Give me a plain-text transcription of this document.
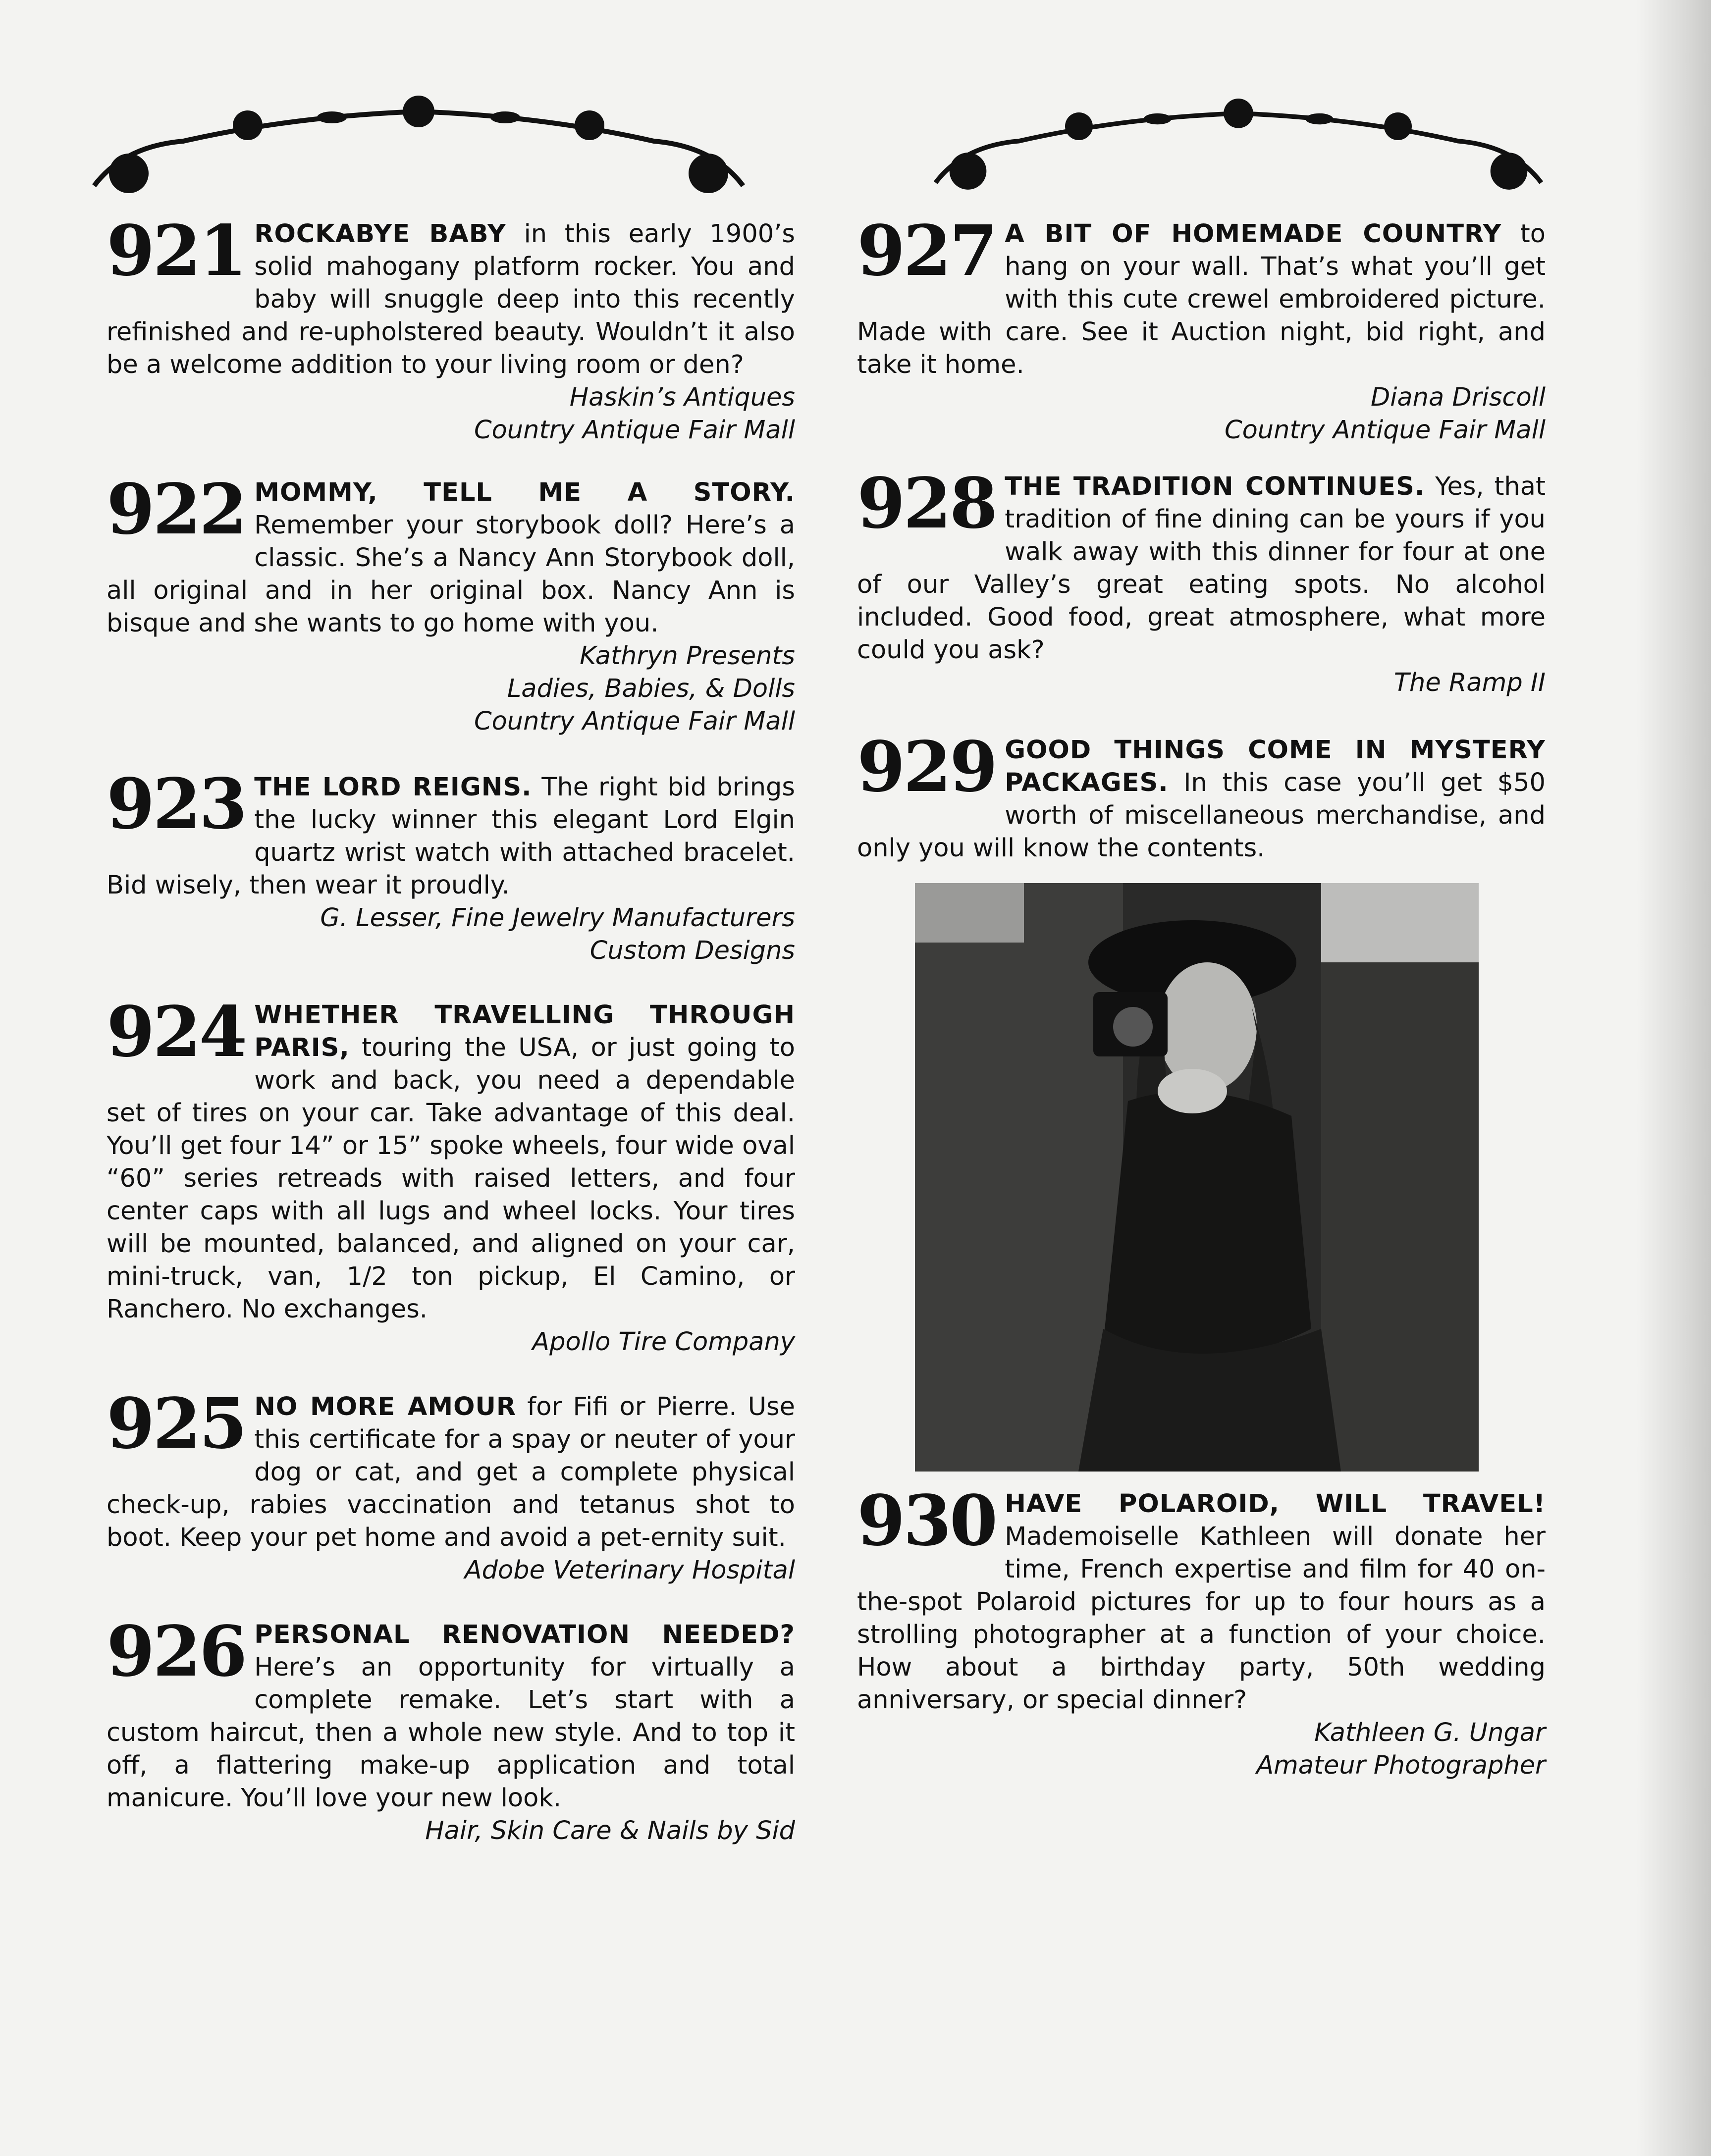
921 ROCKABYE BABY in this early 1900’s solid mahogany platform rocker. You and baby will snuggle deep into this recently refinished and re-upholstered beauty. Wouldn’t it also be a welcome addition to your living room or den?
Haskin’s Antiques
Country Antique Fair Mall
922 MOMMY, TELL ME A STORY. Remember your storybook doll? Here’s a classic. She’s a Nancy Ann Storybook doll, all original and in her original box. Nancy Ann is bisque and she wants to go home with you.
Kathryn Presents
Ladies, Babies, & Dolls
Country Antique Fair Mall
923 THE LORD REIGNS. The right bid brings the lucky winner this elegant Lord Elgin quartz wrist watch with attached bracelet. Bid wisely, then wear it proudly.
G. Lesser, Fine Jewelry Manufacturers
Custom Designs
924 WHETHER TRAVELLING THROUGH PARIS, touring the USA, or just going to work and back, you need a dependable set of tires on your car. Take advantage of this deal. You’ll get four 14” or 15” spoke wheels, four wide oval “60” series retreads with raised letters, and four center caps with all lugs and wheel locks. Your tires will be mounted, balanced, and aligned on your car, mini-truck, van, 1/2 ton pickup, El Camino, or Ranchero. No exchanges.
Apollo Tire Company
925 NO MORE AMOUR for Fifi or Pierre. Use this certificate for a spay or neuter of your dog or cat, and get a complete physical check-up, rabies vaccination and tetanus shot to boot. Keep your pet home and avoid a pet-ernity suit.
Adobe Veterinary Hospital
926 PERSONAL RENOVATION NEEDED? Here’s an opportunity for virtually a complete remake. Let’s start with a custom haircut, then a whole new style. And to top it off, a flattering make-up application and total manicure. You’ll love your new look.
Hair, Skin Care & Nails by Sid
927 A BIT OF HOMEMADE COUNTRY to hang on your wall. That’s what you’ll get with this cute crewel embroidered picture. Made with care. See it Auction night, bid right, and take it home.
Diana Driscoll
Country Antique Fair Mall
928 THE TRADITION CONTINUES. Yes, that tradition of fine dining can be yours if you walk away with this dinner for four at one of our Valley’s great eating spots. No alcohol included. Good food, great atmosphere, what more could you ask?
The Ramp II
929 GOOD THINGS COME IN MYSTERY PACKAGES. In this case you’ll get $50 worth of miscellaneous merchandise, and only you will know the contents.
930 HAVE POLAROID, WILL TRAVEL! Mademoiselle Kathleen will donate her time, French expertise and film for 40 on-the-spot Polaroid pictures for up to four hours as a strolling photographer at a function of your choice. How about a birthday party, 50th wedding anniversary, or special dinner?
Kathleen G. Ungar
Amateur Photographer
